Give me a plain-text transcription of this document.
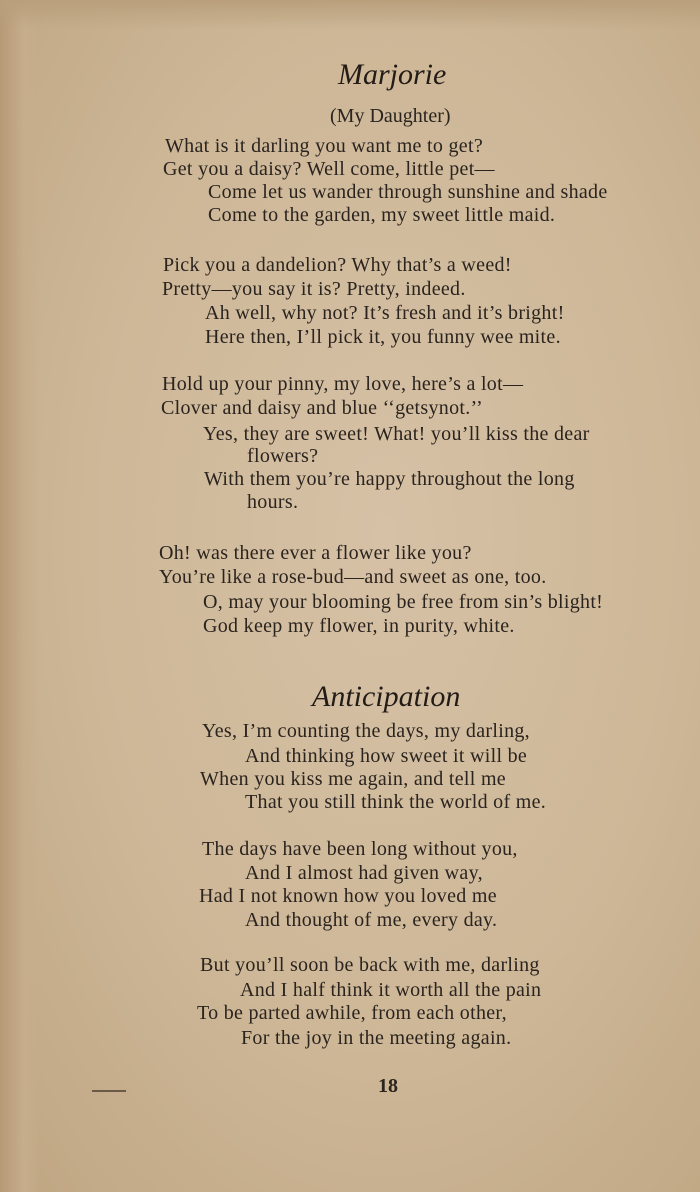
Marjorie
(My Daughter)
What is it darling you want me to get?
Get you a daisy? Well come, little pet—
Come let us wander through sunshine and shade
Come to the garden, my sweet little maid.
Pick you a dandelion? Why that’s a weed!
Pretty—you say it is? Pretty, indeed.
Ah well, why not? It’s fresh and it’s bright!
Here then, I’ll pick it, you funny wee mite.
Hold up your pinny, my love, here’s a lot—
Clover and daisy and blue ‘‘getsynot.’’
Yes, they are sweet! What! you’ll kiss the dear
flowers?
With them you’re happy throughout the long
hours.
Oh! was there ever a flower like you?
You’re like a rose-bud—and sweet as one, too.
O, may your blooming be free from sin’s blight!
God keep my flower, in purity, white.
Anticipation
Yes, I’m counting the days, my darling,
And thinking how sweet it will be
When you kiss me again, and tell me
That you still think the world of me.
The days have been long without you,
And I almost had given way,
Had I not known how you loved me
And thought of me, every day.
But you’ll soon be back with me, darling
And I half think it worth all the pain
To be parted awhile, from each other,
For the joy in the meeting again.
18
